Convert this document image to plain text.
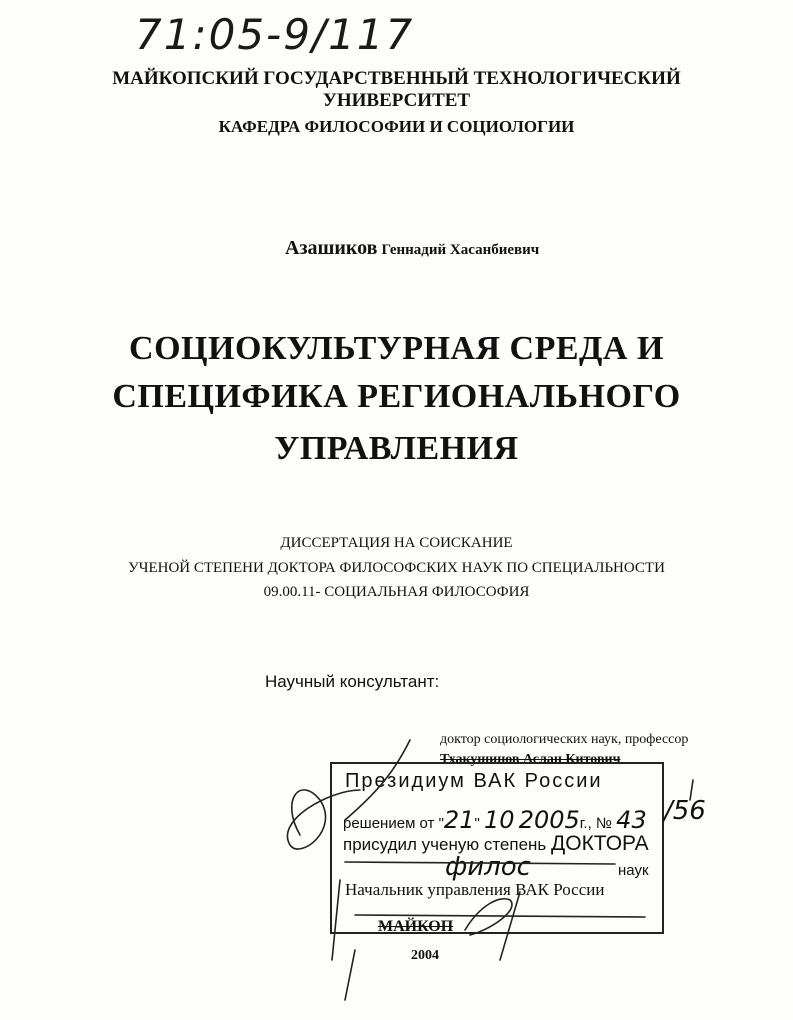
71:05-9/117
МАЙКОПСКИЙ ГОСУДАРСТВЕННЫЙ ТЕХНОЛОГИЧЕСКИЙ
УНИВЕРСИТЕТ
КАФЕДРА ФИЛОСОФИИ И СОЦИОЛОГИИ
Азашиков Геннадий Хасанбиевич
СОЦИОКУЛЬТУРНАЯ СРЕДА И
СПЕЦИФИКА РЕГИОНАЛЬНОГО
УПРАВЛЕНИЯ
ДИССЕРТАЦИЯ НА СОИСКАНИЕ
УЧЕНОЙ СТЕПЕНИ ДОКТОРА ФИЛОСОФСКИХ НАУК ПО СПЕЦИАЛЬНОСТИ
09.00.11- СОЦИАЛЬНАЯ ФИЛОСОФИЯ
Научный консультант:
доктор социологических наук, профессор
Тхакушинов Аслан Китович
Президиум ВАК России
решением от "21" 10 2005г., № 43
присудил ученую степень ДОКТОРА
филос	наук
Начальник управления ВАК России
/56
МАЙКОП
2004
